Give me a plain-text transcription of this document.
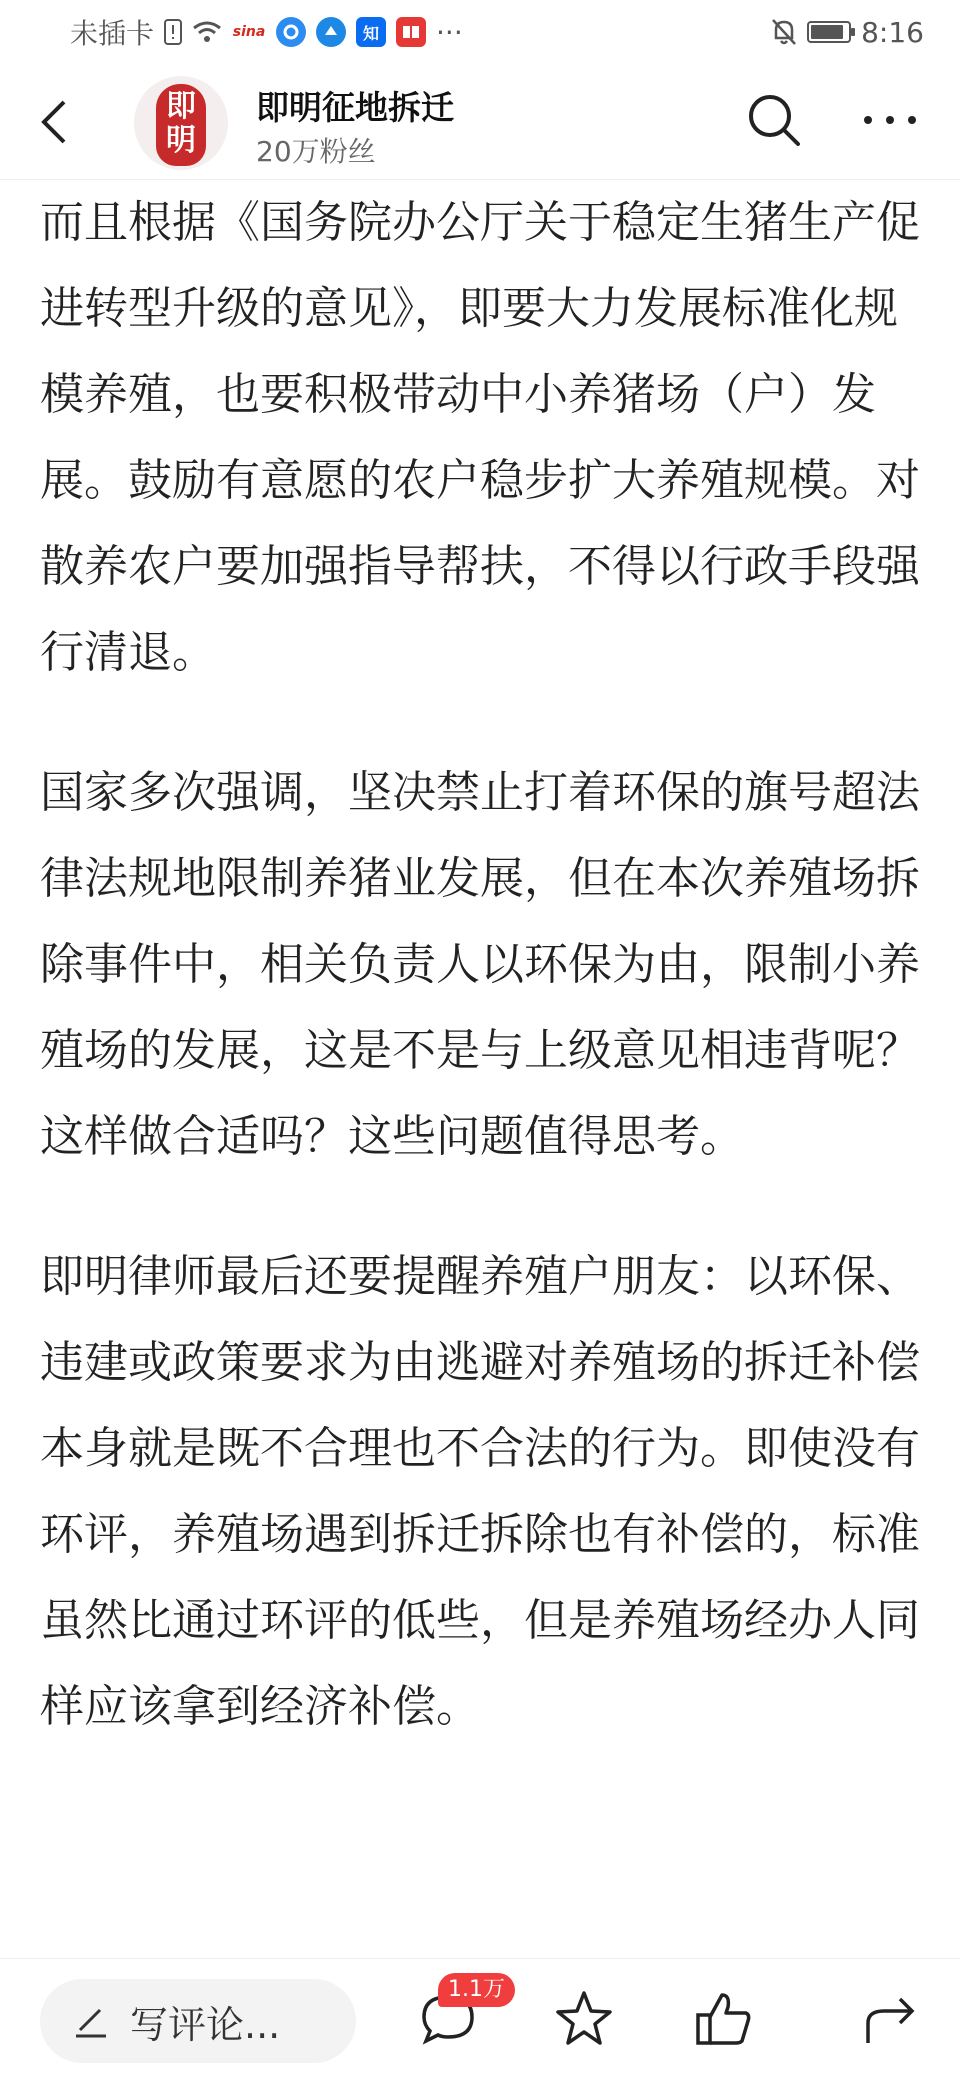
未插卡	sina	知 ···	8:16
即明
即明征地拆迁
20万粉丝

而且根据《国务院办公厅关于稳定生猪生产促进转型升级的意见》，即要大力发展标准化规模养殖，也要积极带动中小养猪场（户）发展。鼓励有意愿的农户稳步扩大养殖规模。对散养农户要加强指导帮扶，不得以行政手段强行清退。

国家多次强调，坚决禁止打着环保的旗号超法律法规地限制养猪业发展，但在本次养殖场拆除事件中，相关负责人以环保为由，限制小养殖场的发展，这是不是与上级意见相违背呢？这样做合适吗？这些问题值得思考。

即明律师最后还要提醒养殖户朋友：以环保、违建或政策要求为由逃避对养殖场的拆迁补偿本身就是既不合理也不合法的行为。即使没有环评，养殖场遇到拆迁拆除也有补偿的，标准虽然比通过环评的低些，但是养殖场经办人同样应该拿到经济补偿。

写评论...
1.1万
